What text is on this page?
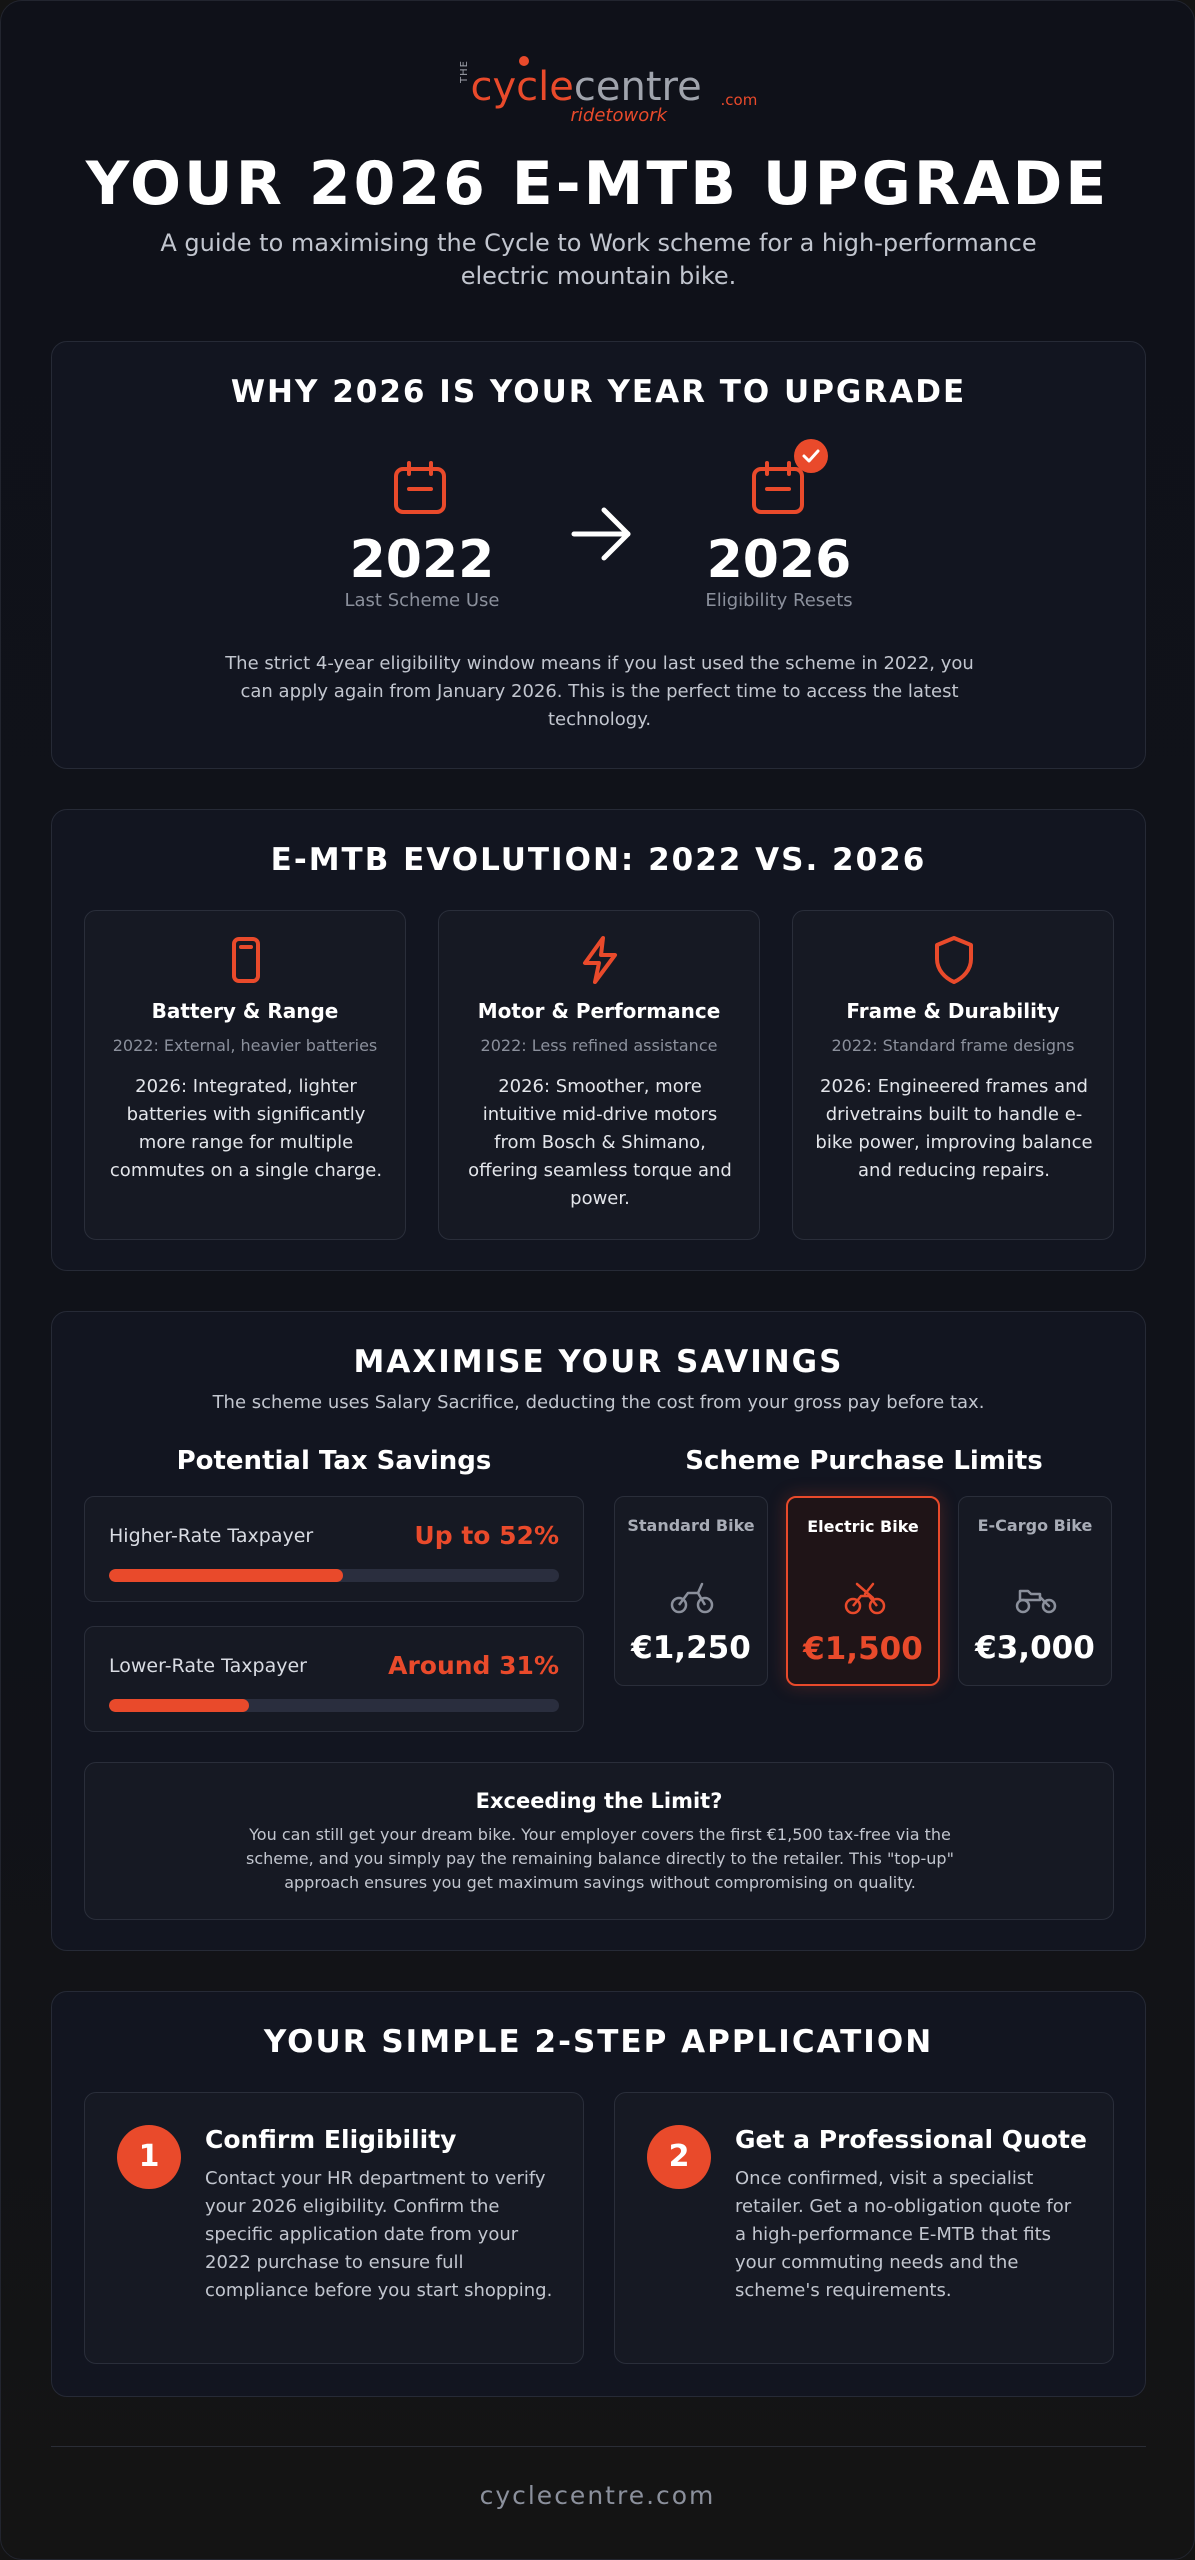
THE cyclecentre .com
ridetowork
YOUR 2026 E-MTB UPGRADE
A guide to maximising the Cycle to Work scheme for a high-performance electric mountain bike.
WHY 2026 IS YOUR YEAR TO UPGRADE
2022
Last Scheme Use
2026
Eligibility Resets
The strict 4-year eligibility window means if you last used the scheme in 2022, you can apply again from January 2026. This is the perfect time to access the latest technology.
E-MTB EVOLUTION: 2022 VS. 2026
Battery & Range
2022: External, heavier batteries
2026: Integrated, lighter batteries with significantly more range for multiple commutes on a single charge.
Motor & Performance
2022: Less refined assistance
2026: Smoother, more intuitive mid-drive motors from Bosch & Shimano, offering seamless torque and power.
Frame & Durability
2022: Standard frame designs
2026: Engineered frames and drivetrains built to handle e-bike power, improving balance and reducing repairs.
MAXIMISE YOUR SAVINGS
The scheme uses Salary Sacrifice, deducting the cost from your gross pay before tax.
Potential Tax Savings	Scheme Purchase Limits
Higher-Rate Taxpayer	Up to 52%
Lower-Rate Taxpayer	Around 31%
Standard Bike
€1,250
Electric Bike
€1,500
E-Cargo Bike
€3,000
Exceeding the Limit?
You can still get your dream bike. Your employer covers the first €1,500 tax-free via the scheme, and you simply pay the remaining balance directly to the retailer. This "top-up" approach ensures you get maximum savings without compromising on quality.
YOUR SIMPLE 2-STEP APPLICATION
1	Confirm Eligibility
Contact your HR department to verify your 2026 eligibility. Confirm the specific application date from your 2022 purchase to ensure full compliance before you start shopping.
2	Get a Professional Quote
Once confirmed, visit a specialist retailer. Get a no-obligation quote for a high-performance E-MTB that fits your commuting needs and the scheme's requirements.
cyclecentre.com
